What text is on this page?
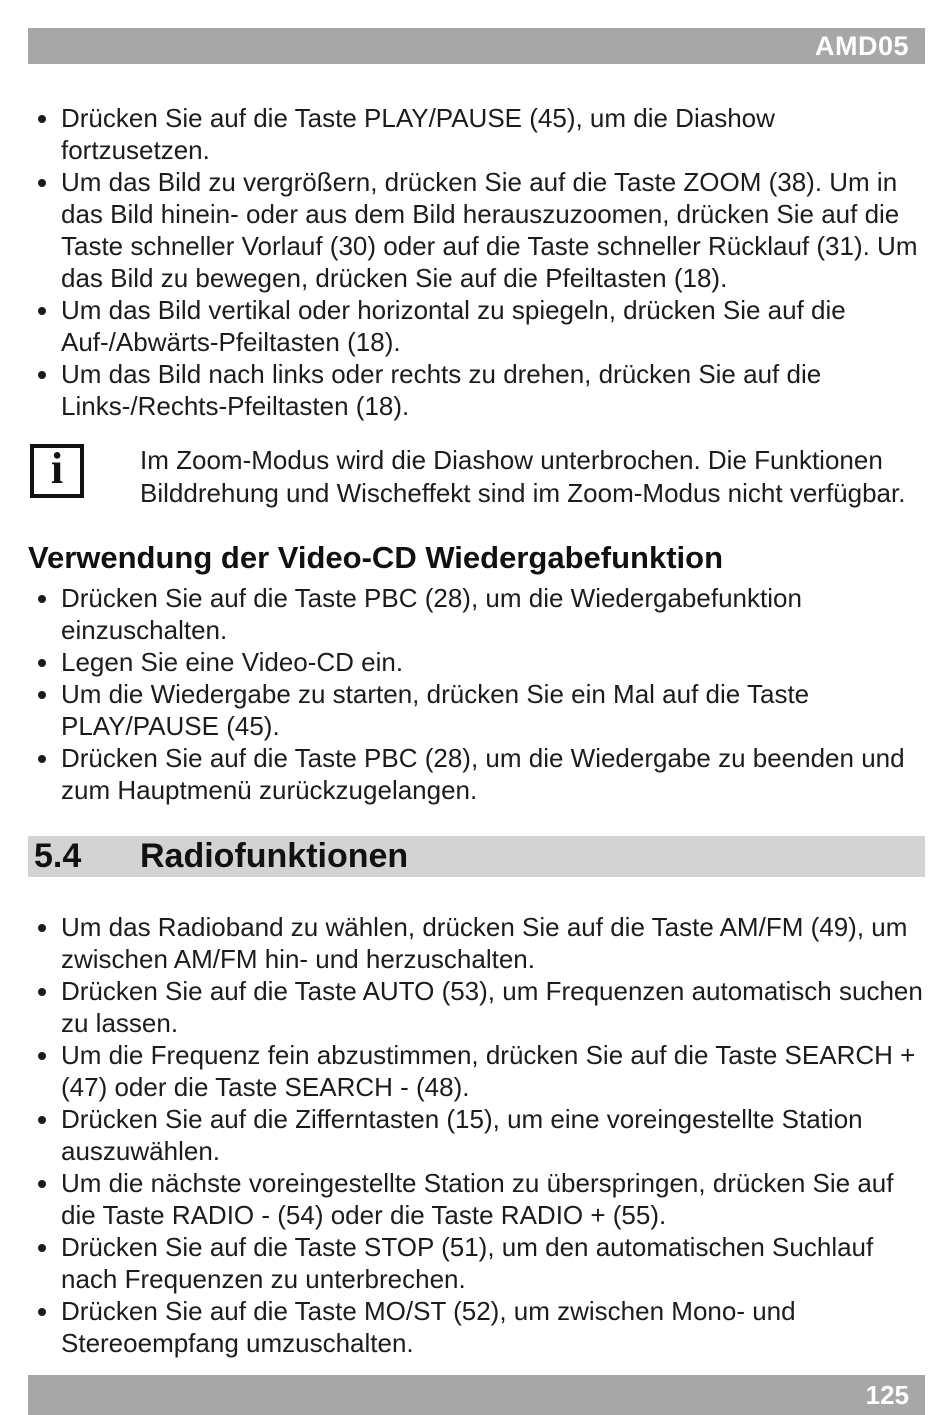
AMD05
• Drücken Sie auf die Taste PLAY/PAUSE (45), um die Diashow fortzusetzen.
• Um das Bild zu vergrößern, drücken Sie auf die Taste ZOOM (38). Um in das Bild hinein- oder aus dem Bild herauszuzoomen, drücken Sie auf die Taste schneller Vorlauf (30) oder auf die Taste schneller Rücklauf (31). Um das Bild zu bewegen, drücken Sie auf die Pfeiltasten (18).
• Um das Bild vertikal oder horizontal zu spiegeln, drücken Sie auf die Auf-/Abwärts-Pfeiltasten (18).
• Um das Bild nach links oder rechts zu drehen, drücken Sie auf die Links-/Rechts-Pfeiltasten (18).
i	Im Zoom-Modus wird die Diashow unterbrochen. Die Funktionen Bilddrehung und Wischeffekt sind im Zoom-Modus nicht verfügbar.
Verwendung der Video-CD Wiedergabefunktion
• Drücken Sie auf die Taste PBC (28), um die Wiedergabefunktion einzuschalten.
• Legen Sie eine Video-CD ein.
• Um die Wiedergabe zu starten, drücken Sie ein Mal auf die Taste PLAY/PAUSE (45).
• Drücken Sie auf die Taste PBC (28), um die Wiedergabe zu beenden und zum Hauptmenü zurückzugelangen.
5.4	Radiofunktionen
• Um das Radioband zu wählen, drücken Sie auf die Taste AM/FM (49), um zwischen AM/FM hin- und herzuschalten.
• Drücken Sie auf die Taste AUTO (53), um Frequenzen automatisch suchen zu lassen.
• Um die Frequenz fein abzustimmen, drücken Sie auf die Taste SEARCH + (47) oder die Taste SEARCH - (48).
• Drücken Sie auf die Zifferntasten (15), um eine voreingestellte Station auszuwählen.
• Um die nächste voreingestellte Station zu überspringen, drücken Sie auf die Taste RADIO - (54) oder die Taste RADIO + (55).
• Drücken Sie auf die Taste STOP (51), um den automatischen Suchlauf nach Frequenzen zu unterbrechen.
• Drücken Sie auf die Taste MO/ST (52), um zwischen Mono- und Stereoempfang umzuschalten.
125
